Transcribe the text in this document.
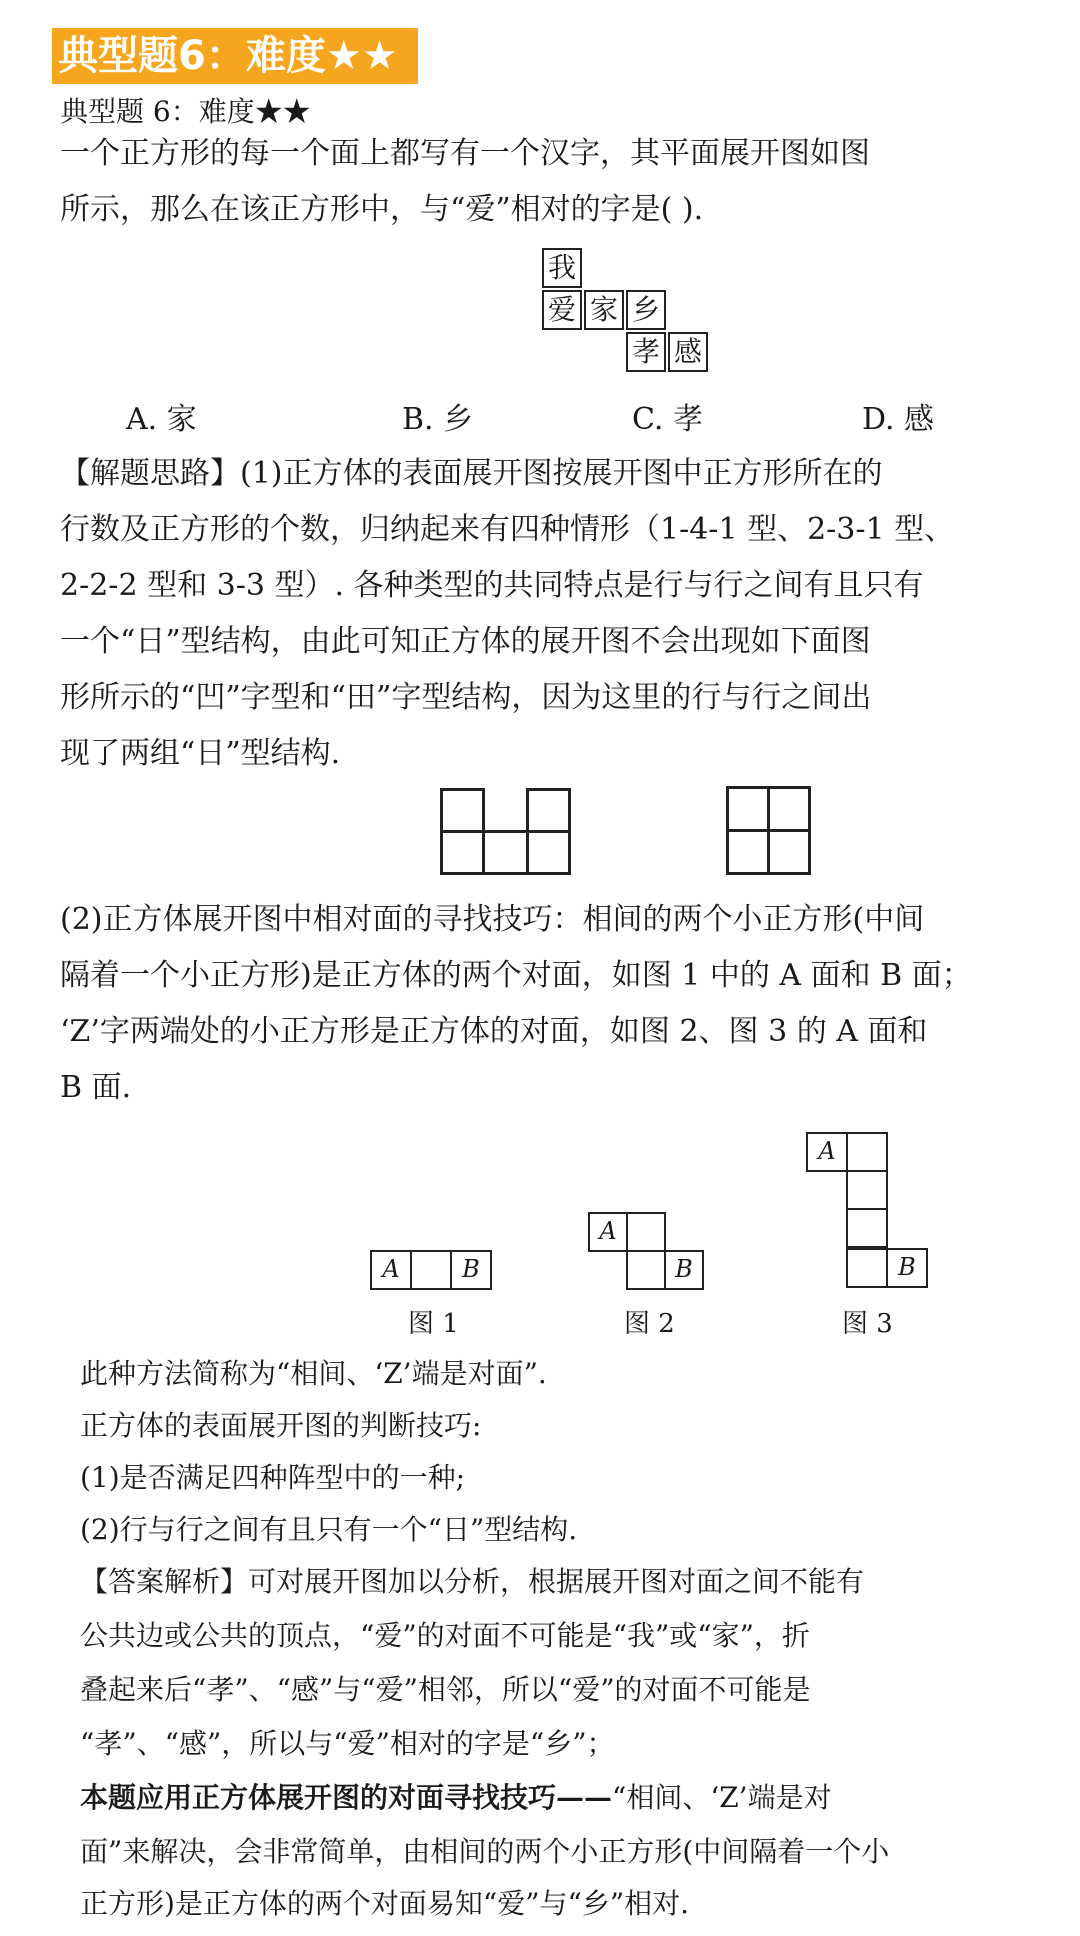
典型题6：难度★★
典型题 6：难度★★
一个正方形的每一个面上都写有一个汉字，其平面展开图如图
所示，那么在该正方形中，与“爱”相对的字是( ).
我
爱 家 乡
孝 感
A. 家	B. 乡	C. 孝	D. 感
【解题思路】(1)正方体的表面展开图按展开图中正方形所在的
行数及正方形的个数，归纳起来有四种情形（1-4-1 型、2-3-1 型、
2-2-2 型和 3-3 型）. 各种类型的共同特点是行与行之间有且只有
一个“日”型结构，由此可知正方体的展开图不会出现如下面图
形所示的“凹”字型和“田”字型结构，因为这里的行与行之间出
现了两组“日”型结构.
(2)正方体展开图中相对面的寻找技巧：相间的两个小正方形(中间
隔着一个小正方形)是正方体的两个对面，如图 1 中的 A 面和 B 面；
‘Z’字两端处的小正方形是正方体的对面，如图 2、图 3 的 A 面和
B 面.
A	B
图 1
A
B
图 2
A
B
图 3
此种方法简称为“相间、‘Z’端是对面”.
正方体的表面展开图的判断技巧:
(1)是否满足四种阵型中的一种;
(2)行与行之间有且只有一个“日”型结构.
【答案解析】可对展开图加以分析，根据展开图对面之间不能有
公共边或公共的顶点，“爱”的对面不可能是“我”或“家”，折
叠起来后“孝”、“感”与“爱”相邻，所以“爱”的对面不可能是
“孝”、“感”，所以与“爱”相对的字是“乡”；
本题应用正方体展开图的对面寻找技巧——“相间、‘Z’端是对
面”来解决，会非常简单，由相间的两个小正方形(中间隔着一个小
正方形)是正方体的两个对面易知“爱”与“乡”相对.
